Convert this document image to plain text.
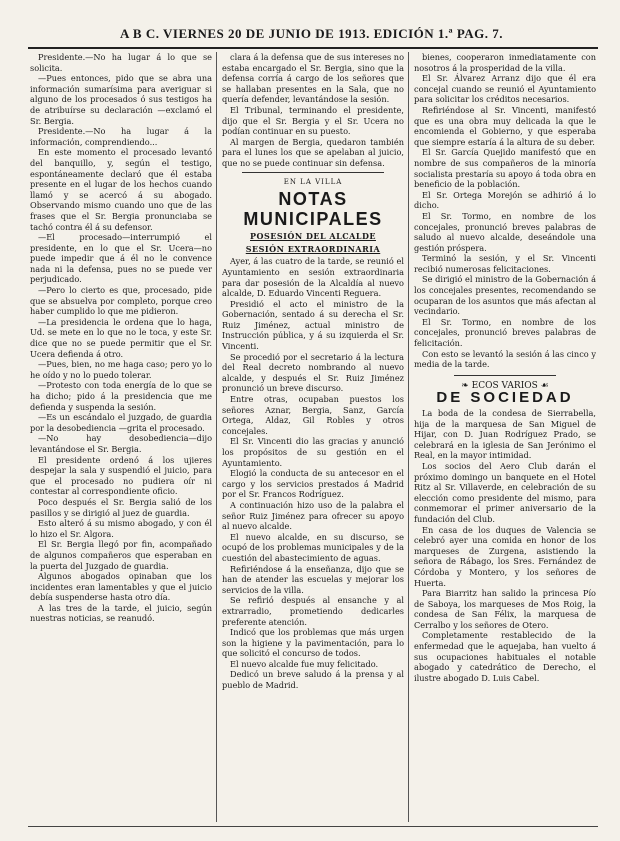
A B C. VIERNES 20 DE JUNIO DE 1913. EDICIÓN 1.ª PAG. 7.

Presidente.—No ha lugar á lo que se solicita.

—Pues entonces, pido que se abra una información sumarísima para averiguar si alguno de los procesados ó sus testigos ha de atribuírse su declaración —exclamó el Sr. Bergia.

Presidente.—No ha lugar á la información, comprendiendo...

En este momento el procesado levantó del banquillo, y, según el testigo, espontáneamente declaró que él estaba presente en el lugar de los hechos cuando llamó y se acercó á su abogado. Observando mismo cuando uno que de las frases que el Sr. Bergia pronunciaba se tachó contra él á su defensor.

—El procesado—interrumpió el presidente, en lo que el Sr. Ucera—no puede impedir que á él no le convence nada ni la defensa, pues no se puede ver perjudicado.

—Pero lo cierto es que, procesado, pide que se absuelva por completo, porque creo haber cumplido lo que me pidieron.

—La presidencia le ordena que lo haga, Ud. se mete en lo que no le toca, y este Sr. dice que no se puede permitir que el Sr. Ucera defienda á otro.

—Pues, bien, no me haga caso; pero yo lo he oído y no lo puedo tolerar.

—Protesto con toda energía de lo que se ha dicho; pido á la presidencia que me defienda y suspenda la sesión.

—Es un escándalo el juzgado, de guardia por la desobediencia —grita el procesado.

—No hay desobediencia—dijo levantándose el Sr. Bergia.

El presidente ordenó á los ujieres despejar la sala y suspendió el juicio, para que el procesado no pudiera oír ni contestar al correspondiente oficio.

Poco después el Sr. Bergia salió de los pasillos y se dirigió al juez de guardia.

Esto alteró á su mismo abogado, y con él lo hizo el Sr. Algora.

El Sr. Bergia llegó por fin, acompañado de algunos compañeros que esperaban en la puerta del Juzgado de guardia.

Algunos abogados opinaban que los incidentes eran lamentables y que el juicio debía suspenderse hasta otro día.

A las tres de la tarde, el juicio, según nuestras noticias, se reanudó.

clara á la defensa que de sus intereses no estaba encargado el Sr. Bergia, sino que la defensa corría á cargo de los señores que se hallaban presentes en la Sala, que no quería defender, levantándose la sesión.

El Tribunal, terminando el presidente, dijo que el Sr. Bergia y el Sr. Ucera no podían continuar en su puesto.

Al margen de Bergia, quedaron también para el lunes los que se apelaban al juicio, que no se puede continuar sin defensa.

EN LA VILLA
NOTAS MUNICIPALES
POSESIÓN DEL ALCALDE
SESIÓN EXTRAORDINARIA

Ayer, á las cuatro de la tarde, se reunió el Ayuntamiento en sesión extraordinaria para dar posesión de la Alcaldía al nuevo alcalde, D. Eduardo Vincenti Reguera.

Presidió el acto el ministro de la Gobernación, sentado á su derecha el Sr. Ruiz Jiménez, actual ministro de Instrucción pública, y á su izquierda el Sr. Vincenti.

Se procedió por el secretario á la lectura del Real decreto nombrando al nuevo alcalde, y después el Sr. Ruiz Jiménez pronunció un breve discurso.

Entre otras, ocupaban puestos los señores Aznar, Bergia, Sanz, García Ortega, Aldaz, Gil Robles y otros concejales.

El Sr. Vincenti dio las gracias y anunció los propósitos de su gestión en el Ayuntamiento.

Elogió la conducta de su antecesor en el cargo y los servicios prestados á Madrid por el Sr. Francos Rodríguez.

A continuación hizo uso de la palabra el señor Ruiz Jiménez para ofrecer su apoyo al nuevo alcalde.

El nuevo alcalde, en su discurso, se ocupó de los problemas municipales y de la cuestión del abastecimiento de aguas.

Refiriéndose á la enseñanza, dijo que se han de atender las escuelas y mejorar los servicios de la villa.

Se refirió después al ensanche y al extrarradio, prometiendo dedicarles preferente atención.

Indicó que los problemas que más urgen son la higiene y la pavimentación, para lo que solicitó el concurso de todos.

El nuevo alcalde fue muy felicitado.

Dedicó un breve saludo á la prensa y al pueblo de Madrid.

bienes, cooperaron inmediatamente con nosotros á la prosperidad de la villa.

El Sr. Álvarez Arranz dijo que él era concejal cuando se reunió el Ayuntamiento para solicitar los créditos necesarios.

Refiriéndose al Sr. Vincenti, manifestó que es una obra muy delicada la que le encomienda el Gobierno, y que esperaba que siempre estaría á la altura de su deber.

El Sr. García Quejido manifestó que en nombre de sus compañeros de la minoría socialista prestaría su apoyo á toda obra en beneficio de la población.

El Sr. Ortega Morejón se adhirió á lo dicho.

El Sr. Tormo, en nombre de los concejales, pronunció breves palabras de saludo al nuevo alcalde, deseándole una gestión próspera.

Terminó la sesión, y el Sr. Vincenti recibió numerosas felicitaciones.

Se dirigió el ministro de la Gobernación á los concejales presentes, recomendando se ocuparan de los asuntos que más afectan al vecindario.

El Sr. Tormo, en nombre de los concejales, pronunció breves palabras de felicitación.

Con esto se levantó la sesión á las cinco y media de la tarde.

❧ ECOS VARIOS ☙
DE SOCIEDAD

La boda de la condesa de Sierrabella, hija de la marquesa de San Miguel de Hijar, con D. Juan Rodríguez Prado, se celebrará en la iglesia de San Jerónimo el Real, en la mayor intimidad.

Los socios del Aero Club darán el próximo domingo un banquete en el Hotel Ritz al Sr. Villaverde, en celebración de su elección como presidente del mismo, para conmemorar el primer aniversario de la fundación del Club.

En casa de los duques de Valencia se celebró ayer una comida en honor de los marqueses de Zurgena, asistiendo la señora de Rábago, los Sres. Fernández de Córdoba y Montero, y los señores de Huerta.

Para Biarritz han salido la princesa Pío de Saboya, los marqueses de Mos Roig, la condesa de San Félix, la marquesa de Cerralbo y los señores de Otero.

Completamente restablecido de la enfermedad que le aquejaba, han vuelto á sus ocupaciones habituales el notable abogado y catedrático de Derecho, el ilustre abogado D. Luis Cabel.
